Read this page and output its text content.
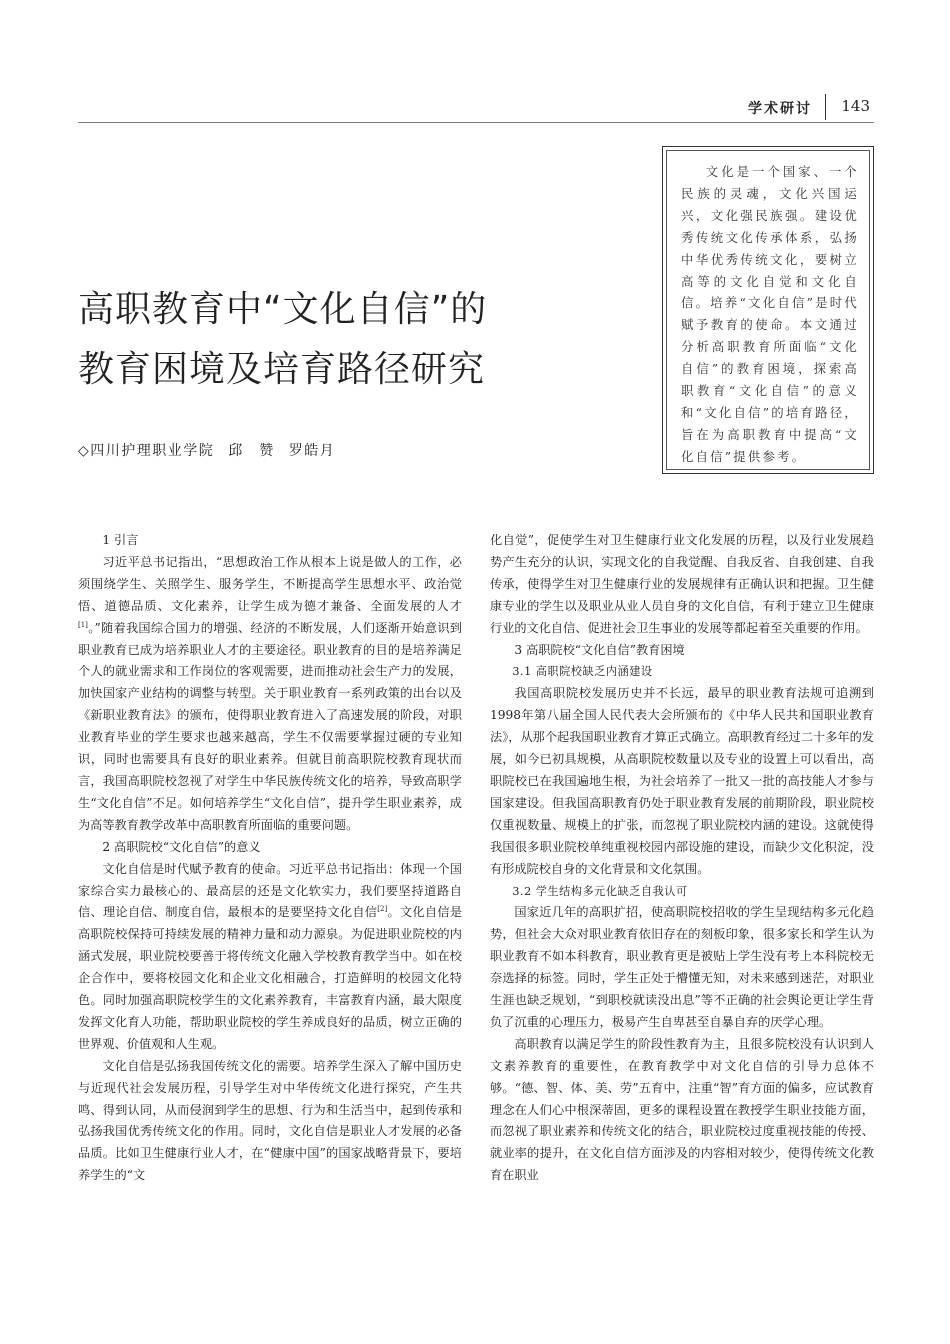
学术研讨 143
文化是一个国家、一个民族的灵魂，文化兴国运兴，文化强民族强。建设优秀传统文化传承体系，弘扬中华优秀传统文化，要树立高等的文化自觉和文化自信。培养“文化自信”是时代赋予教育的使命。本文通过分析高职教育所面临“文化自信”的教育困境，探索高职教育“文化自信”的意义和“文化自信”的培育路径，旨在为高职教育中提高“文化自信”提供参考。
高职教育中“文化自信”的
教育困境及培育路径研究
◇四川护理职业学院 邱　赞 罗皓月
1 引言

习近平总书记指出，“思想政治工作从根本上说是做人的工作，必须围绕学生、关照学生、服务学生，不断提高学生思想水平、政治觉悟、道德品质、文化素养，让学生成为德才兼备、全面发展的人才[1]。”随着我国综合国力的增强、经济的不断发展，人们逐渐开始意识到职业教育已成为培养职业人才的主要途径。职业教育的目的是培养满足个人的就业需求和工作岗位的客观需要，进而推动社会生产力的发展，加快国家产业结构的调整与转型。关于职业教育一系列政策的出台以及《新职业教育法》的颁布，使得职业教育进入了高速发展的阶段，对职业教育毕业的学生要求也越来越高，学生不仅需要掌握过硬的专业知识，同时也需要具有良好的职业素养。但就目前高职院校教育现状而言，我国高职院校忽视了对学生中华民族传统文化的培养，导致高职学生“文化自信”不足。如何培养学生“文化自信”，提升学生职业素养，成为高等教育教学改革中高职教育所面临的重要问题。

2 高职院校“文化自信”的意义

文化自信是时代赋予教育的使命。习近平总书记指出：体现一个国家综合实力最核心的、最高层的还是文化软实力，我们要坚持道路自信、理论自信、制度自信，最根本的是要坚持文化自信[2]。文化自信是高职院校保持可持续发展的精神力量和动力源泉。为促进职业院校的内涵式发展，职业院校要善于将传统文化融入学校教育教学当中。如在校企合作中，要将校园文化和企业文化相融合，打造鲜明的校园文化特色。同时加强高职院校学生的文化素养教育，丰富教育内涵，最大限度发挥文化育人功能，帮助职业院校的学生养成良好的品质，树立正确的世界观、价值观和人生观。

文化自信是弘扬我国传统文化的需要。培养学生深入了解中国历史与近现代社会发展历程，引导学生对中华传统文化进行探究，产生共鸣、得到认同，从而侵润到学生的思想、行为和生活当中，起到传承和弘扬我国优秀传统文化的作用。同时，文化自信是职业人才发展的必备品质。比如卫生健康行业人才，在“健康中国”的国家战略背景下，要培养学生的“文

化自觉”，促使学生对卫生健康行业文化发展的历程，以及行业发展趋势产生充分的认识，实现文化的自我觉醒、自我反省、自我创建、自我传承，使得学生对卫生健康行业的发展规律有正确认识和把握。卫生健康专业的学生以及职业从业人员自身的文化自信，有利于建立卫生健康行业的文化自信、促进社会卫生事业的发展等都起着至关重要的作用。

3 高职院校“文化自信”教育困境
3.1 高职院校缺乏内涵建设

我国高职院校发展历史并不长远，最早的职业教育法规可追溯到1998年第八届全国人民代表大会所颁布的《中华人民共和国职业教育法》，从那个起我国职业教育才算正式确立。高职教育经过二十多年的发展，如今已初具规模，从高职院校数量以及专业的设置上可以看出，高职院校已在我国遍地生根，为社会培养了一批又一批的高技能人才参与国家建设。但我国高职教育仍处于职业教育发展的前期阶段，职业院校仅重视数量、规模上的扩张，而忽视了职业院校内涵的建设。这就使得我国很多职业院校单纯重视校园内部设施的建设，而缺少文化积淀，没有形成院校自身的文化背景和文化氛围。

3.2 学生结构多元化缺乏自我认可

国家近几年的高职扩招，使高职院校招收的学生呈现结构多元化趋势，但社会大众对职业教育依旧存在的刻板印象，很多家长和学生认为职业教育不如本科教育，职业教育更是被贴上学生没有考上本科院校无奈选择的标签。同时，学生正处于懵懂无知，对未来感到迷茫，对职业生涯也缺乏规划，“到职校就读没出息”等不正确的社会舆论更让学生背负了沉重的心理压力，极易产生自卑甚至自暴自弃的厌学心理。

高职教育以满足学生的阶段性教育为主，且很多院校没有认识到人文素养教育的重要性，在教育教学中对文化自信的引导力总体不够。“德、智、体、美、劳”五育中，注重“智”育方面的偏多，应试教育理念在人们心中根深蒂固，更多的课程设置在教授学生职业技能方面，而忽视了职业素养和传统文化的结合，职业院校过度重视技能的传授、就业率的提升，在文化自信方面涉及的内容相对较少，使得传统文化教育在职业
